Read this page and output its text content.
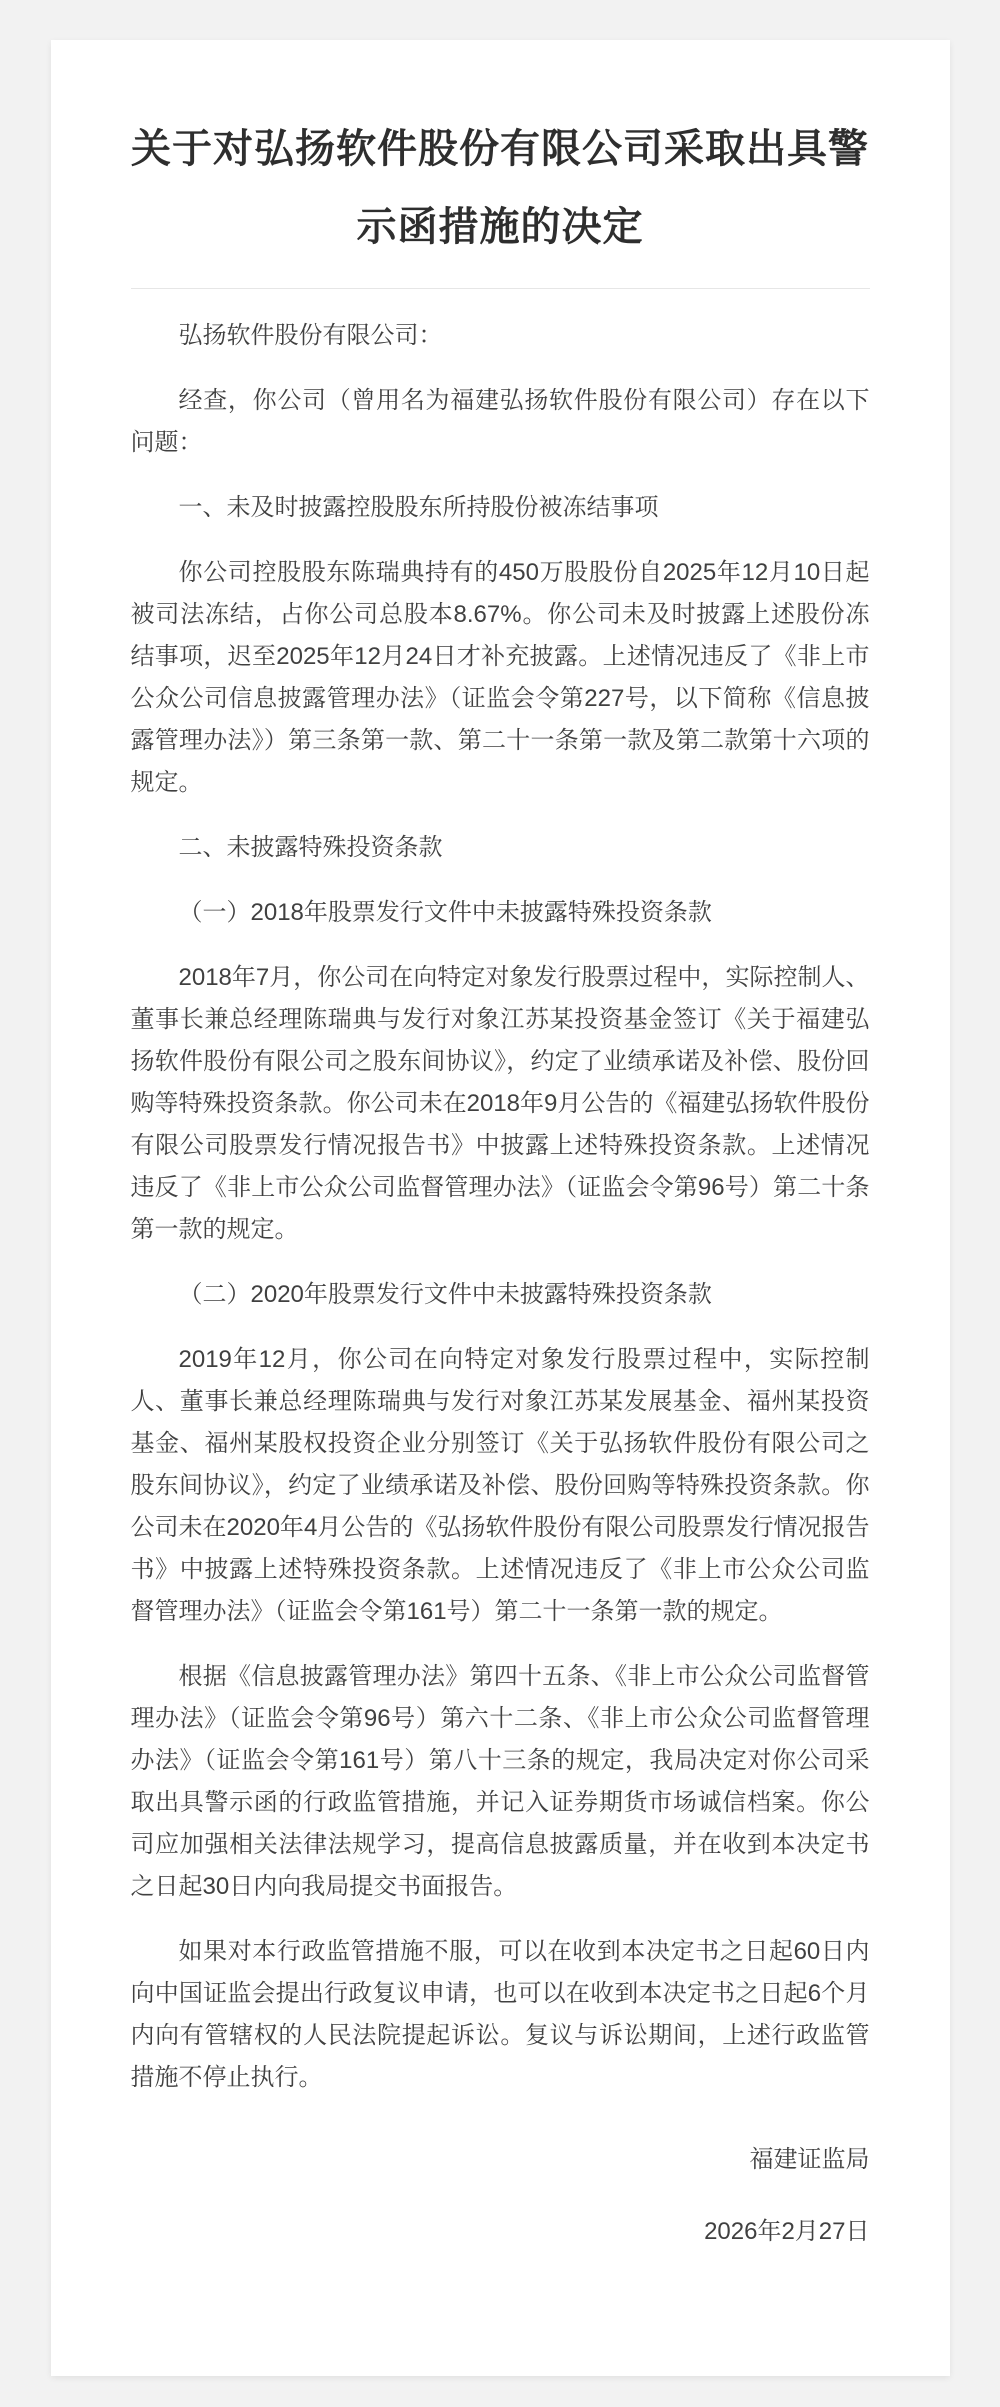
关于对弘扬软件股份有限公司采取出具警示函措施的决定

弘扬软件股份有限公司：

经查，你公司（曾用名为福建弘扬软件股份有限公司）存在以下问题：

一、未及时披露控股股东所持股份被冻结事项

你公司控股股东陈瑞典持有的450万股股份自2025年12月10日起被司法冻结，占你公司总股本8.67%。你公司未及时披露上述股份冻结事项，迟至2025年12月24日才补充披露。上述情况违反了《非上市公众公司信息披露管理办法》（证监会令第227号，以下简称《信息披露管理办法》）第三条第一款、第二十一条第一款及第二款第十六项的规定。

二、未披露特殊投资条款

（一）2018年股票发行文件中未披露特殊投资条款

2018年7月，你公司在向特定对象发行股票过程中，实际控制人、董事长兼总经理陈瑞典与发行对象江苏某投资基金签订《关于福建弘扬软件股份有限公司之股东间协议》，约定了业绩承诺及补偿、股份回购等特殊投资条款。你公司未在2018年9月公告的《福建弘扬软件股份有限公司股票发行情况报告书》中披露上述特殊投资条款。上述情况违反了《非上市公众公司监督管理办法》（证监会令第96号）第二十条第一款的规定。

（二）2020年股票发行文件中未披露特殊投资条款

2019年12月，你公司在向特定对象发行股票过程中，实际控制人、董事长兼总经理陈瑞典与发行对象江苏某发展基金、福州某投资基金、福州某股权投资企业分别签订《关于弘扬软件股份有限公司之股东间协议》，约定了业绩承诺及补偿、股份回购等特殊投资条款。你公司未在2020年4月公告的《弘扬软件股份有限公司股票发行情况报告书》中披露上述特殊投资条款。上述情况违反了《非上市公众公司监督管理办法》（证监会令第161号）第二十一条第一款的规定。

根据《信息披露管理办法》第四十五条、《非上市公众公司监督管理办法》（证监会令第96号）第六十二条、《非上市公众公司监督管理办法》（证监会令第161号）第八十三条的规定，我局决定对你公司采取出具警示函的行政监管措施，并记入证券期货市场诚信档案。你公司应加强相关法律法规学习，提高信息披露质量，并在收到本决定书之日起30日内向我局提交书面报告。

如果对本行政监管措施不服，可以在收到本决定书之日起60日内向中国证监会提出行政复议申请，也可以在收到本决定书之日起6个月内向有管辖权的人民法院提起诉讼。复议与诉讼期间，上述行政监管措施不停止执行。

福建证监局

2026年2月27日
